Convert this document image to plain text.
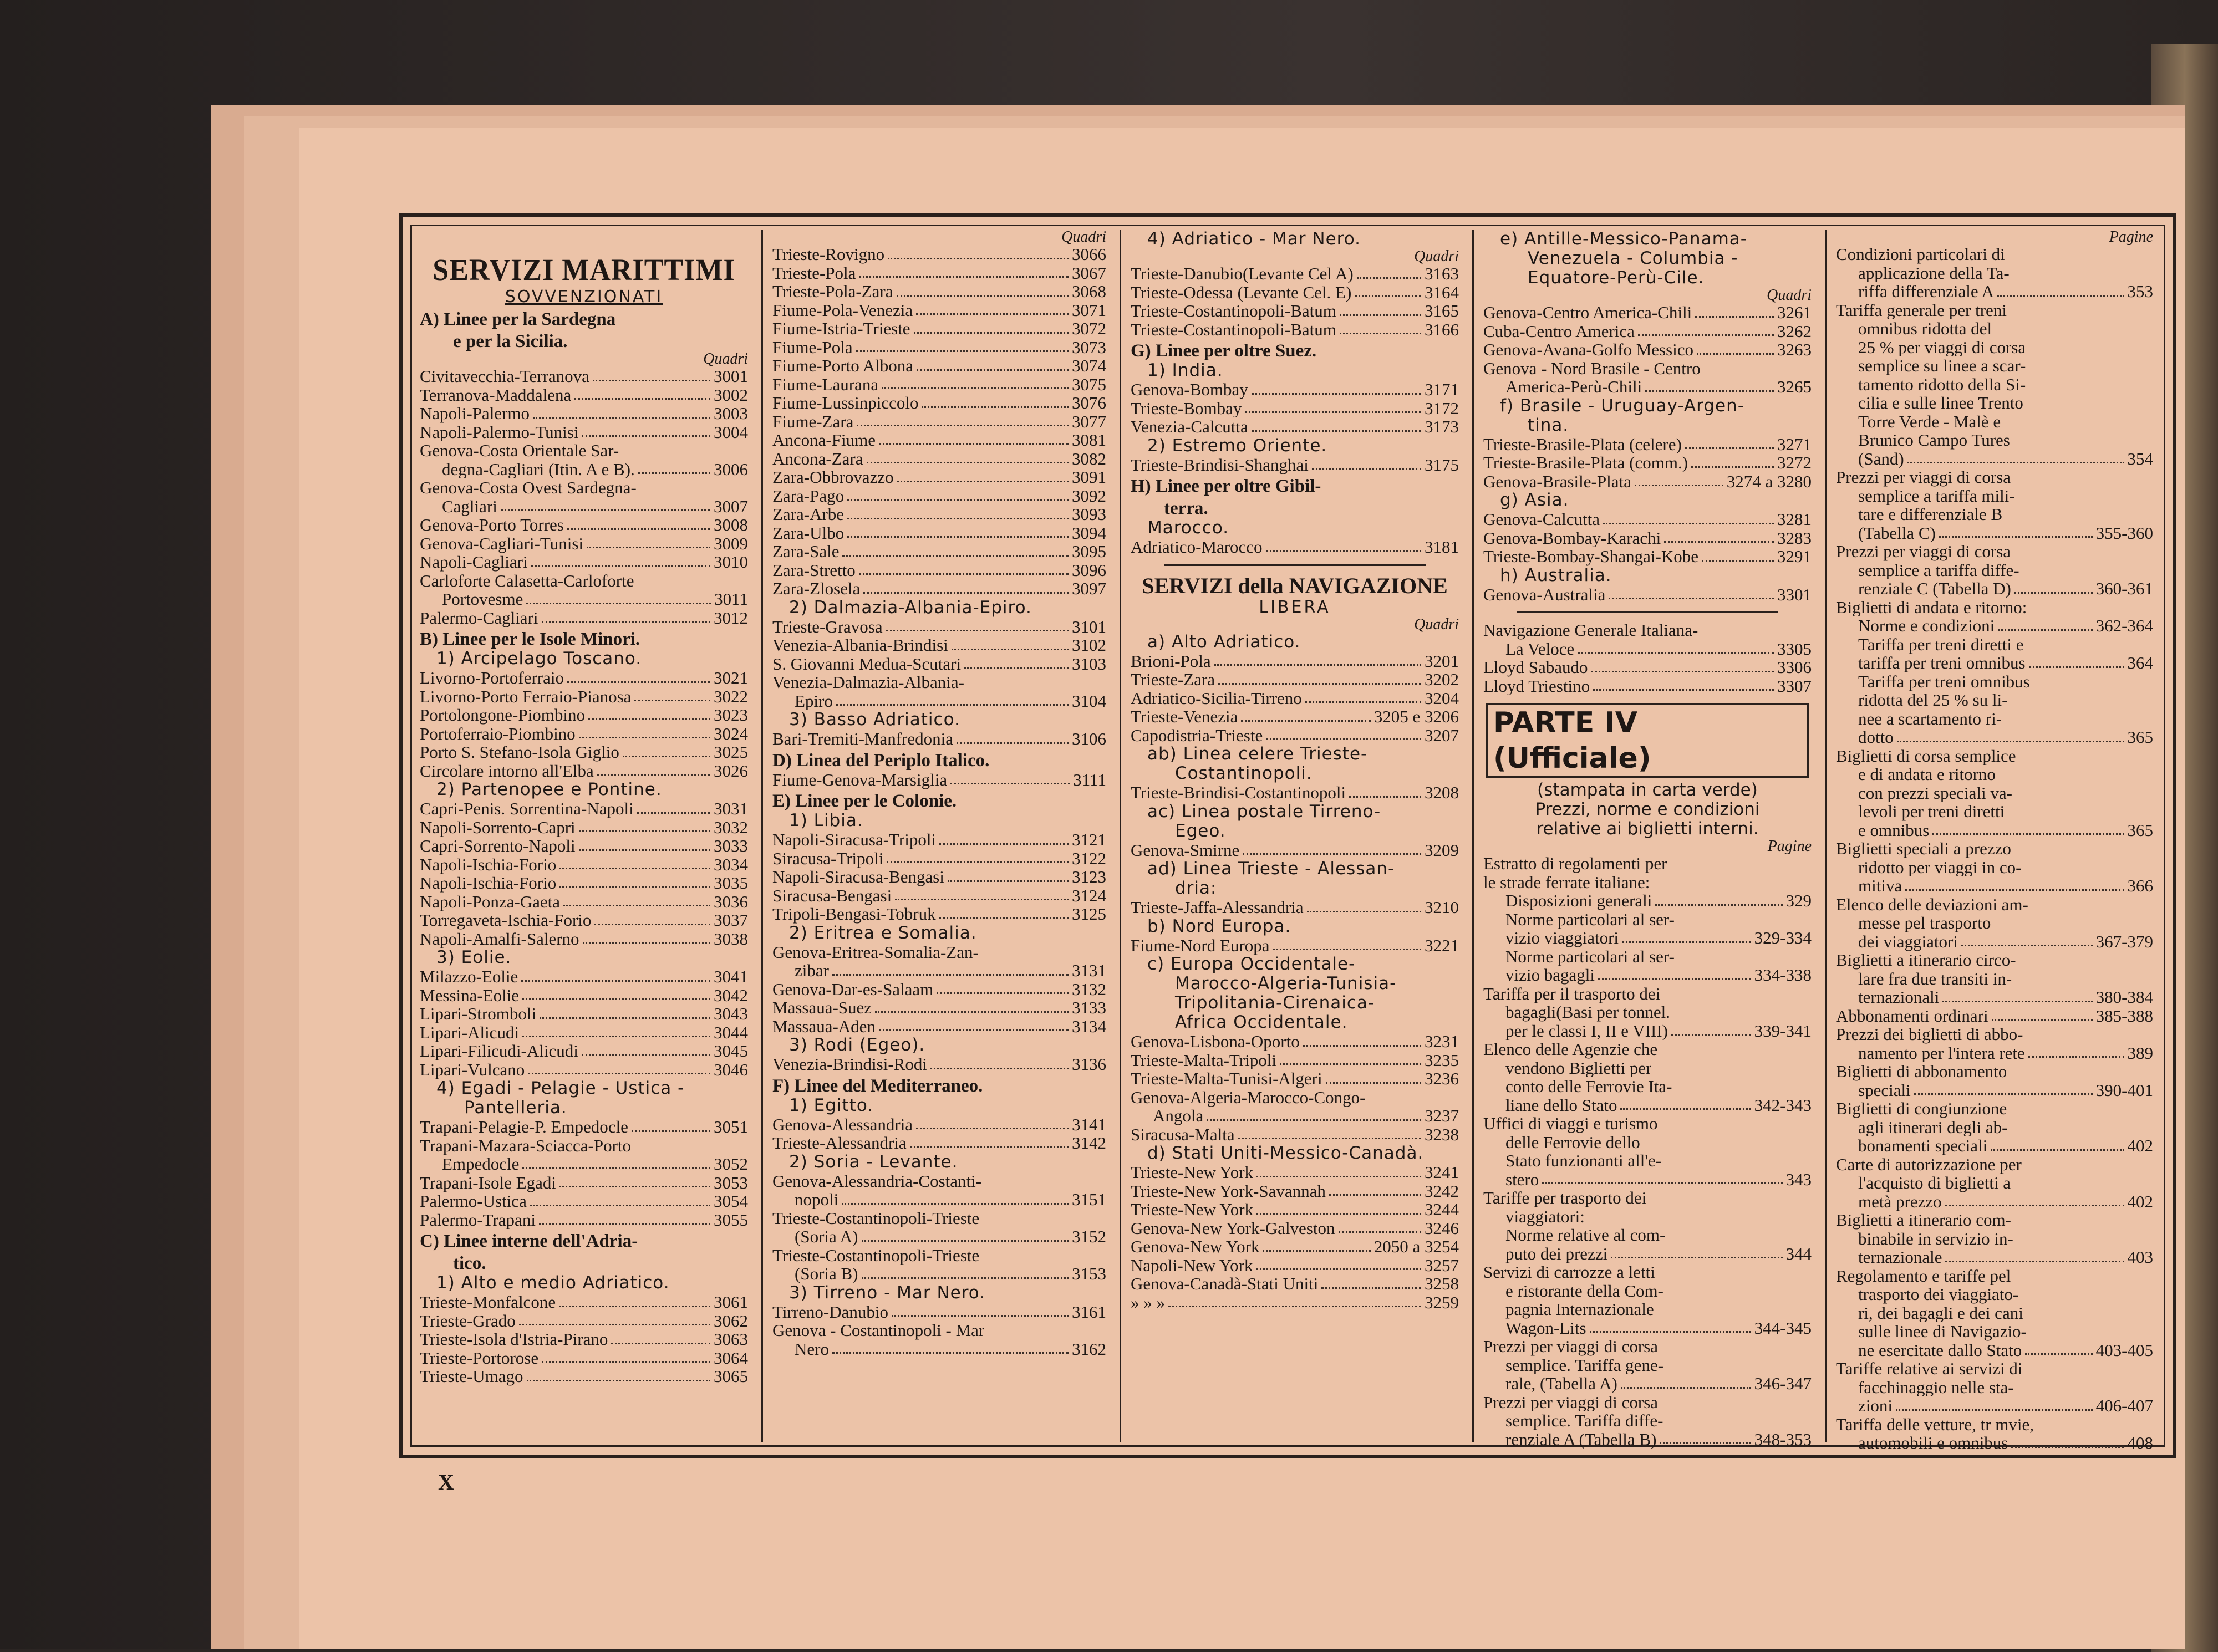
SERVIZI MARITTIMI
SOVVENZIONATI
A) Linee per la Sardegna
e per la Sicilia.
Quadri
Civitavecchia-Terranova	3001
Terranova-Maddalena	3002
Napoli-Palermo	3003
Napoli-Palermo-Tunisi	3004
Genova-Costa Orientale Sar-
degna-Cagliari (Itin. A e B).	3006
Genova-Costa Ovest Sardegna-
Cagliari	3007
Genova-Porto Torres	3008
Genova-Cagliari-Tunisi	3009
Napoli-Cagliari	3010
Carloforte Calasetta-Carloforte
Portovesme	3011
Palermo-Cagliari	3012
B) Linee per le Isole Minori.
1) Arcipelago Toscano.
Livorno-Portoferraio	3021
Livorno-Porto Ferraio-Pianosa	3022
Portolongone-Piombino	3023
Portoferraio-Piombino	3024
Porto S. Stefano-Isola Giglio	3025
Circolare intorno all'Elba	3026
2) Partenopee e Pontine.
Capri-Penis. Sorrentina-Napoli	3031
Napoli-Sorrento-Capri	3032
Capri-Sorrento-Napoli	3033
Napoli-Ischia-Forio	3034
Napoli-Ischia-Forio	3035
Napoli-Ponza-Gaeta	3036
Torregaveta-Ischia-Forio	3037
Napoli-Amalfi-Salerno	3038
3) Eolie.
Milazzo-Eolie	3041
Messina-Eolie	3042
Lipari-Stromboli	3043
Lipari-Alicudi	3044
Lipari-Filicudi-Alicudi	3045
Lipari-Vulcano	3046
4) Egadi - Pelagie - Ustica -
Pantelleria.
Trapani-Pelagie-P. Empedocle	3051
Trapani-Mazara-Sciacca-Porto
Empedocle	3052
Trapani-Isole Egadi	3053
Palermo-Ustica	3054
Palermo-Trapani	3055
C) Linee interne dell'Adria-
tico.
1) Alto e medio Adriatico.
Trieste-Monfalcone	3061
Trieste-Grado	3062
Trieste-Isola d'Istria-Pirano	3063
Trieste-Portorose	3064
Trieste-Umago	3065
Quadri
Trieste-Rovigno	3066
Trieste-Pola	3067
Trieste-Pola-Zara	3068
Fiume-Pola-Venezia	3071
Fiume-Istria-Trieste	3072
Fiume-Pola	3073
Fiume-Porto Albona	3074
Fiume-Laurana	3075
Fiume-Lussinpiccolo	3076
Fiume-Zara	3077
Ancona-Fiume	3081
Ancona-Zara	3082
Zara-Obbrovazzo	3091
Zara-Pago	3092
Zara-Arbe	3093
Zara-Ulbo	3094
Zara-Sale	3095
Zara-Stretto	3096
Zara-Zlosela	3097
2) Dalmazia-Albania-Epiro.
Trieste-Gravosa	3101
Venezia-Albania-Brindisi	3102
S. Giovanni Medua-Scutari	3103
Venezia-Dalmazia-Albania-
Epiro	3104
3) Basso Adriatico.
Bari-Tremiti-Manfredonia	3106
D) Linea del Periplo Italico.
Fiume-Genova-Marsiglia	3111
E) Linee per le Colonie.
1) Libia.
Napoli-Siracusa-Tripoli	3121
Siracusa-Tripoli	3122
Napoli-Siracusa-Bengasi	3123
Siracusa-Bengasi	3124
Tripoli-Bengasi-Tobruk	3125
2) Eritrea e Somalia.
Genova-Eritrea-Somalia-Zan-
zibar	3131
Genova-Dar-es-Salaam	3132
Massaua-Suez	3133
Massaua-Aden	3134
3) Rodi (Egeo).
Venezia-Brindisi-Rodi	3136
F) Linee del Mediterraneo.
1) Egitto.
Genova-Alessandria	3141
Trieste-Alessandria	3142
2) Soria - Levante.
Genova-Alessandria-Costanti-
nopoli	3151
Trieste-Costantinopoli-Trieste
(Soria A)	3152
Trieste-Costantinopoli-Trieste
(Soria B)	3153
3) Tirreno - Mar Nero.
Tirreno-Danubio	3161
Genova - Costantinopoli - Mar
Nero	3162
4) Adriatico - Mar Nero.
Quadri
Trieste-Danubio(Levante Cel A)	3163
Trieste-Odessa (Levante Cel. E)	3164
Trieste-Costantinopoli-Batum	3165
Trieste-Costantinopoli-Batum	3166
G) Linee per oltre Suez.
1) India.
Genova-Bombay	3171
Trieste-Bombay	3172
Venezia-Calcutta	3173
2) Estremo Oriente.
Trieste-Brindisi-Shanghai	3175
H) Linee per oltre Gibil-
terra.
Marocco.
Adriatico-Marocco	3181
SERVIZI della NAVIGAZIONE
LIBERA
Quadri
a) Alto Adriatico.
Brioni-Pola	3201
Trieste-Zara	3202
Adriatico-Sicilia-Tirreno	3204
Trieste-Venezia	3205 e 3206
Capodistria-Trieste	3207
ab) Linea celere Trieste-
Costantinopoli.
Trieste-Brindisi-Costantinopoli	3208
ac) Linea postale Tirreno-
Egeo.
Genova-Smirne	3209
ad) Linea Trieste - Alessan-
dria:
Trieste-Jaffa-Alessandria	3210
b) Nord Europa.
Fiume-Nord Europa	3221
c) Europa Occidentale-
Marocco-Algeria-Tunisia-
Tripolitania-Cirenaica-
Africa Occidentale.
Genova-Lisbona-Oporto	3231
Trieste-Malta-Tripoli	3235
Trieste-Malta-Tunisi-Algeri	3236
Genova-Algeria-Marocco-Congo-
Angola	3237
Siracusa-Malta	3238
d) Stati Uniti-Messico-Canadà.
Trieste-New York	3241
Trieste-New York-Savannah	3242
Trieste-New York	3244
Genova-New York-Galveston	3246
Genova-New York	2050 a 3254
Napoli-New York	3257
Genova-Canadà-Stati Uniti	3258
» » »	3259
e) Antille-Messico-Panama-
Venezuela - Columbia -
Equatore-Perù-Cile.
Quadri
Genova-Centro America-Chili	3261
Cuba-Centro America	3262
Genova-Avana-Golfo Messico	3263
Genova - Nord Brasile - Centro
America-Perù-Chili	3265
f) Brasile - Uruguay-Argen-
tina.
Trieste-Brasile-Plata (celere)	3271
Trieste-Brasile-Plata (comm.)	3272
Genova-Brasile-Plata	3274 a 3280
g) Asia.
Genova-Calcutta	3281
Genova-Bombay-Karachi	3283
Trieste-Bombay-Shangai-Kobe	3291
h) Australia.
Genova-Australia	3301
Navigazione Generale Italiana-
La Veloce	3305
Lloyd Sabaudo	3306
Lloyd Triestino	3307
PARTE IV (Ufficiale)
(stampata in carta verde)
Prezzi, norme e condizioni
relative ai biglietti interni.
Pagine
Estratto di regolamenti per
le strade ferrate italiane:
Disposizioni generali	329
Norme particolari al ser-
vizio viaggiatori	329-334
Norme particolari al ser-
vizio bagagli	334-338
Tariffa per il trasporto dei
bagagli(Basi per tonnel.
per le classi I, II e VIII)	339-341
Elenco delle Agenzie che
vendono Biglietti per
conto delle Ferrovie Ita-
liane dello Stato	342-343
Uffici di viaggi e turismo
delle Ferrovie dello
Stato funzionanti all'e-
stero	343
Tariffe per trasporto dei
viaggiatori:
Norme relative al com-
puto dei prezzi	344
Servizi di carrozze a letti
e ristorante della Com-
pagnia Internazionale
Wagon-Lits	344-345
Prezzi per viaggi di corsa
semplice. Tariffa gene-
rale, (Tabella A)	346-347
Prezzi per viaggi di corsa
semplice. Tariffa diffe-
renziale A (Tabella B)	348-353
Pagine
Condizioni particolari di
applicazione della Ta-
riffa differenziale A	353
Tariffa generale per treni
omnibus ridotta del
25 % per viaggi di corsa
semplice su linee a scar-
tamento ridotto della Si-
cilia e sulle linee Trento
Torre Verde - Malè e
Brunico Campo Tures
(Sand)	354
Prezzi per viaggi di corsa
semplice a tariffa mili-
tare e differenziale B
(Tabella C)	355-360
Prezzi per viaggi di corsa
semplice a tariffa diffe-
renziale C (Tabella D)	360-361
Biglietti di andata e ritorno:
Norme e condizioni	362-364
Tariffa per treni diretti e
tariffa per treni omnibus	364
Tariffa per treni omnibus
ridotta del 25 % su li-
nee a scartamento ri-
dotto	365
Biglietti di corsa semplice
e di andata e ritorno
con prezzi speciali va-
levoli per treni diretti
e omnibus	365
Biglietti speciali a prezzo
ridotto per viaggi in co-
mitiva	366
Elenco delle deviazioni am-
messe pel trasporto
dei viaggiatori	367-379
Biglietti a itinerario circo-
lare fra due transiti in-
ternazionali	380-384
Abbonamenti ordinari	385-388
Prezzi dei biglietti di abbo-
namento per l'intera rete	389
Biglietti di abbonamento
speciali	390-401
Biglietti di congiunzione
agli itinerari degli ab-
bonamenti speciali	402
Carte di autorizzazione per
l'acquisto di biglietti a
metà prezzo	402
Biglietti a itinerario com-
binabile in servizio in-
ternazionale	403
Regolamento e tariffe pel
trasporto dei viaggiato-
ri, dei bagagli e dei cani
sulle linee di Navigazio-
ne esercitate dallo Stato	403-405
Tariffe relative ai servizi di
facchinaggio nelle sta-
zioni	406-407
Tariffa delle vetture, tr mvie,
automobili e omnibus	408
X
